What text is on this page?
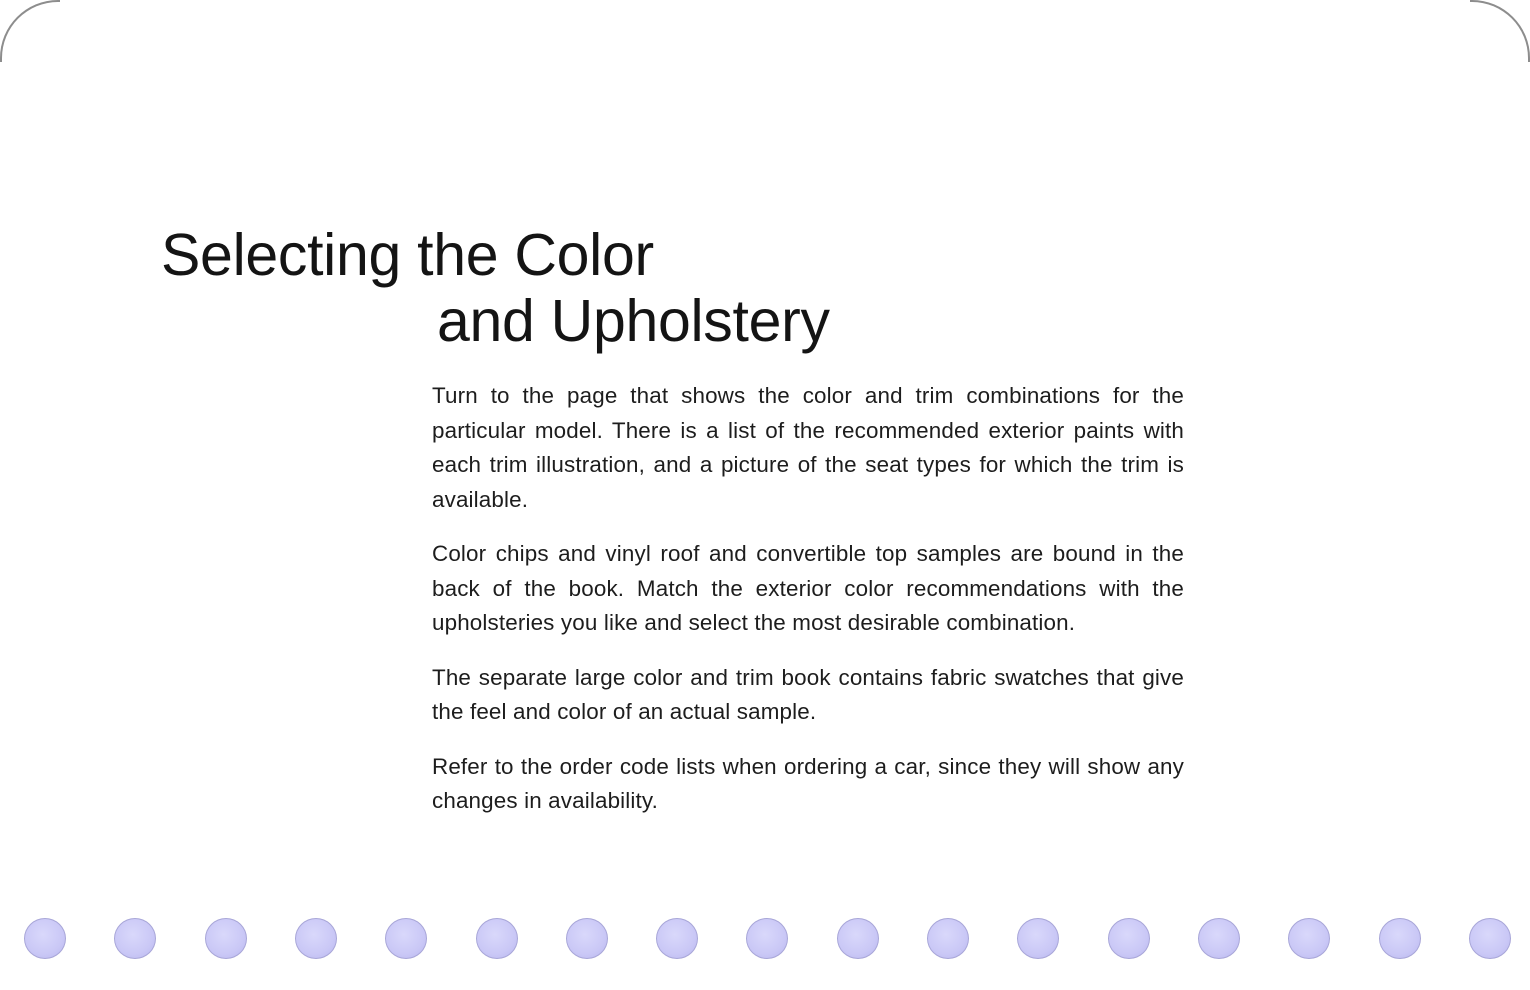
Selecting the Color
and Upholstery

Turn to the page that shows the color and trim combinations for the particular model. There is a list of the recommended exterior paints with each trim illustration, and a picture of the seat types for which the trim is available.

Color chips and vinyl roof and convertible top samples are bound in the back of the book. Match the exterior color recommendations with the upholsteries you like and select the most desirable combination.

The separate large color and trim book contains fabric swatches that give the feel and color of an actual sample.

Refer to the order code lists when ordering a car, since they will show any changes in availability.
